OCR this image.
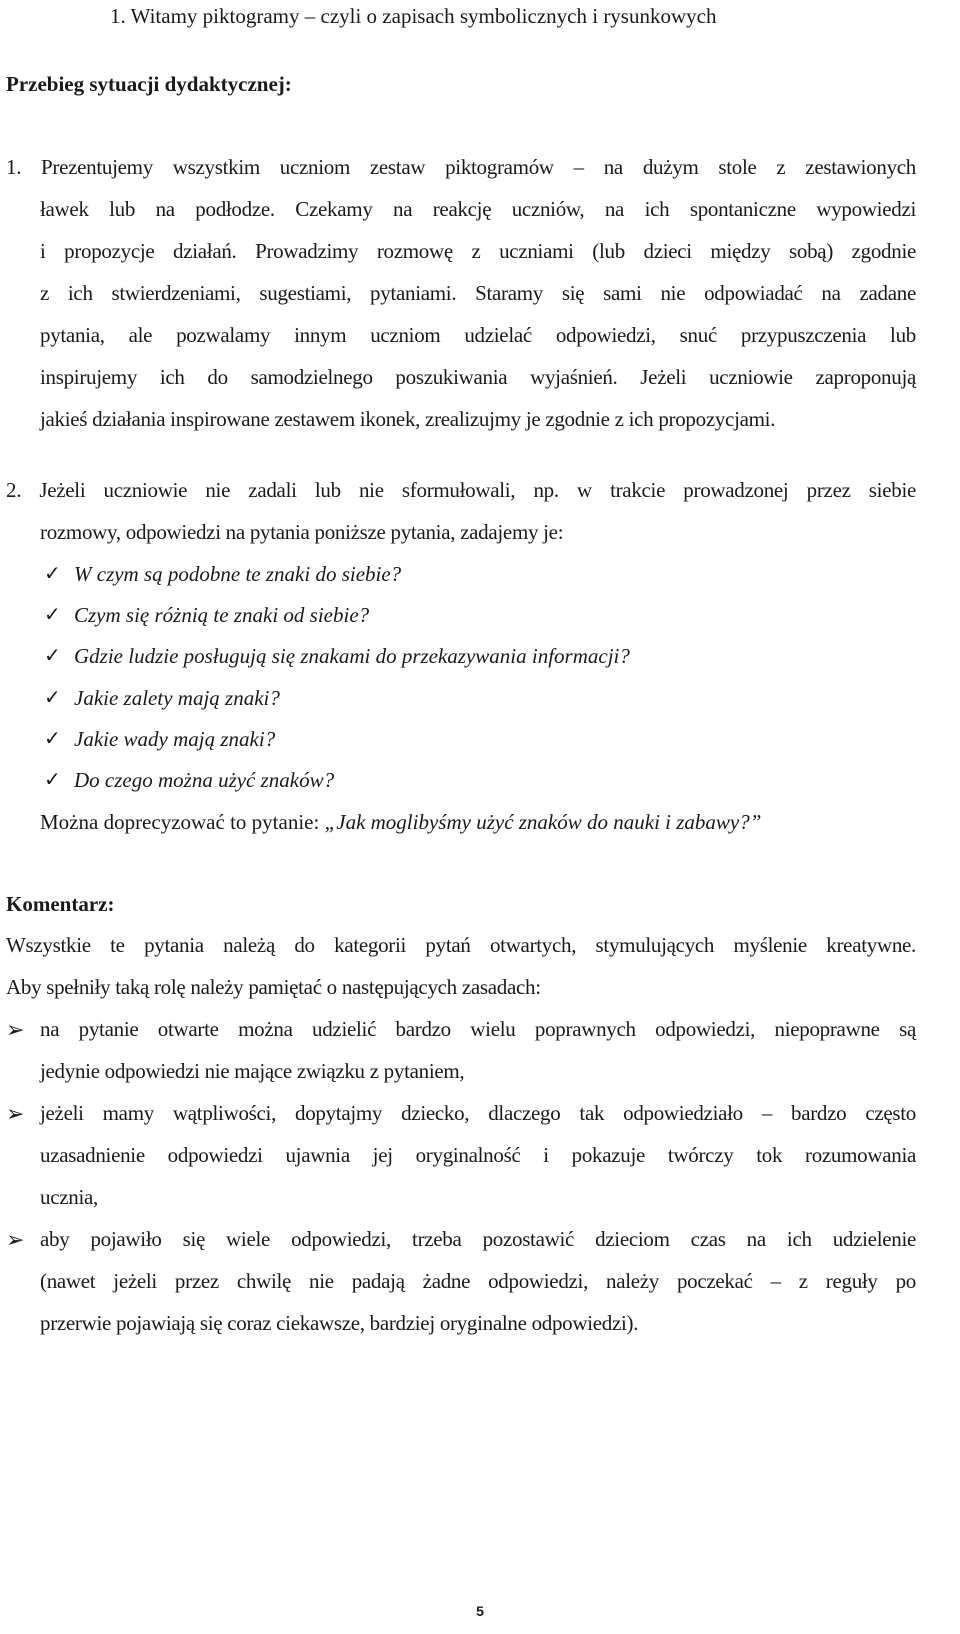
1. Witamy piktogramy – czyli o zapisach symbolicznych i rysunkowych
Przebieg sytuacji dydaktycznej:
1. Prezentujemy wszystkim uczniom zestaw piktogramów – na dużym stole z zestawionych
ławek lub na podłodze. Czekamy na reakcję uczniów, na ich spontaniczne wypowiedzi
i propozycje działań. Prowadzimy rozmowę z uczniami (lub dzieci między sobą) zgodnie
z ich stwierdzeniami, sugestiami, pytaniami. Staramy się sami nie odpowiadać na zadane
pytania, ale pozwalamy innym uczniom udzielać odpowiedzi, snuć przypuszczenia lub
inspirujemy ich do samodzielnego poszukiwania wyjaśnień. Jeżeli uczniowie zaproponują
jakieś działania inspirowane zestawem ikonek, zrealizujmy je zgodnie z ich propozycjami.
2. Jeżeli uczniowie nie zadali lub nie sformułowali, np. w trakcie prowadzonej przez siebie
rozmowy, odpowiedzi na pytania poniższe pytania, zadajemy je:
✓ W czym są podobne te znaki do siebie?
✓ Czym się różnią te znaki od siebie?
✓ Gdzie ludzie posługują się znakami do przekazywania informacji?
✓ Jakie zalety mają znaki?
✓ Jakie wady mają znaki?
✓ Do czego można użyć znaków?
Można doprecyzować to pytanie: „Jak moglibyśmy użyć znaków do nauki i zabawy?”
Komentarz:
Wszystkie te pytania należą do kategorii pytań otwartych, stymulujących myślenie kreatywne.
Aby spełniły taką rolę należy pamiętać o następujących zasadach:
➢ na pytanie otwarte można udzielić bardzo wielu poprawnych odpowiedzi, niepoprawne są
jedynie odpowiedzi nie mające związku z pytaniem,
➢ jeżeli mamy wątpliwości, dopytajmy dziecko, dlaczego tak odpowiedziało – bardzo często
uzasadnienie odpowiedzi ujawnia jej oryginalność i pokazuje twórczy tok rozumowania
ucznia,
➢ aby pojawiło się wiele odpowiedzi, trzeba pozostawić dzieciom czas na ich udzielenie
(nawet jeżeli przez chwilę nie padają żadne odpowiedzi, należy poczekać – z reguły po
przerwie pojawiają się coraz ciekawsze, bardziej oryginalne odpowiedzi).
5
